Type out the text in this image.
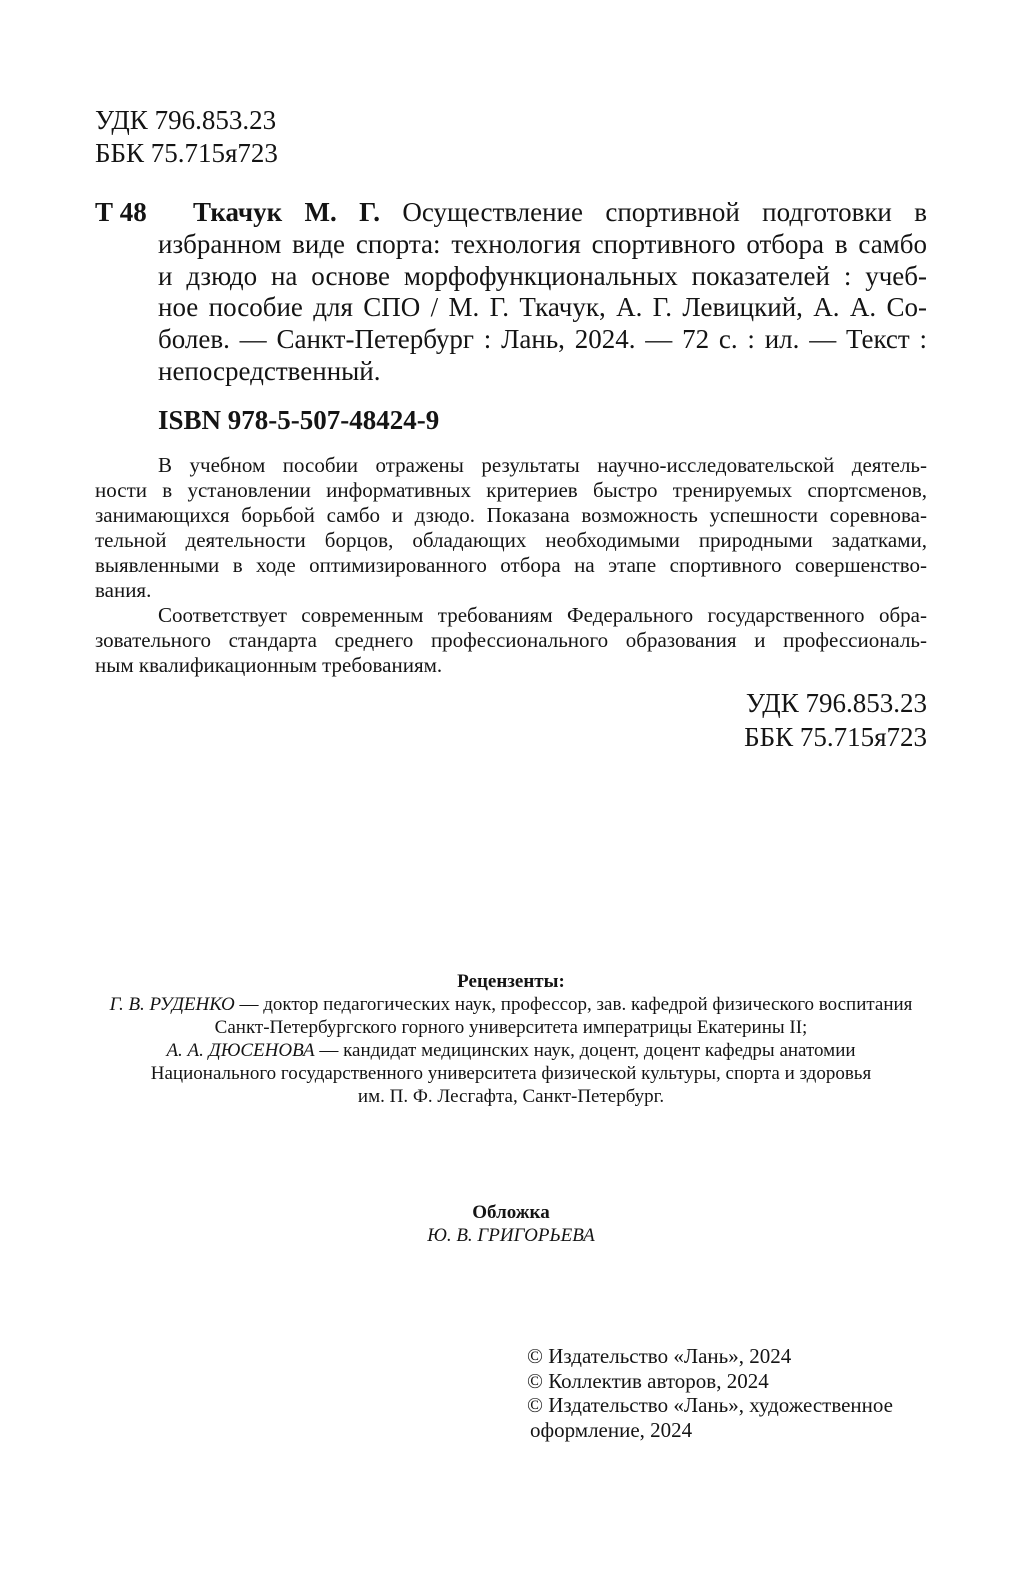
УДК 796.853.23
ББК 75.715я723
Т 48	Ткачук М. Г. Осуществление спортивной подготовки в
избранном виде спорта: технология спортивного отбора в самбо
и дзюдо на основе морфофункциональных показателей : учеб-
ное пособие для СПО / М. Г. Ткачук, А. Г. Левицкий, А. А. Со-
болев. — Санкт-Петербург : Лань, 2024. — 72 с. : ил. — Текст :
непосредственный.
ISBN 978-5-507-48424-9
В учебном пособии отражены результаты научно-исследовательской деятель-
ности в установлении информативных критериев быстро тренируемых спортсменов,
занимающихся борьбой самбо и дзюдо. Показана возможность успешности соревнова-
тельной деятельности борцов, обладающих необходимыми природными задатками,
выявленными в ходе оптимизированного отбора на этапе спортивного совершенство-
вания.
Соответствует современным требованиям Федерального государственного обра-
зовательного стандарта среднего профессионального образования и профессиональ-
ным квалификационным требованиям.
УДК 796.853.23
ББК 75.715я723
Рецензенты:
Г. В. РУДЕНКО — доктор педагогических наук, профессор, зав. кафедрой физического воспитания
Санкт-Петербургского горного университета императрицы Екатерины II;
А. А. ДЮСЕНОВА — кандидат медицинских наук, доцент, доцент кафедры анатомии
Национального государственного университета физической культуры, спорта и здоровья
им. П. Ф. Лесгафта, Санкт-Петербург.
Обложка
Ю. В. ГРИГОРЬЕВА
© Издательство «Лань», 2024
© Коллектив авторов, 2024
© Издательство «Лань», художественное
оформление, 2024
